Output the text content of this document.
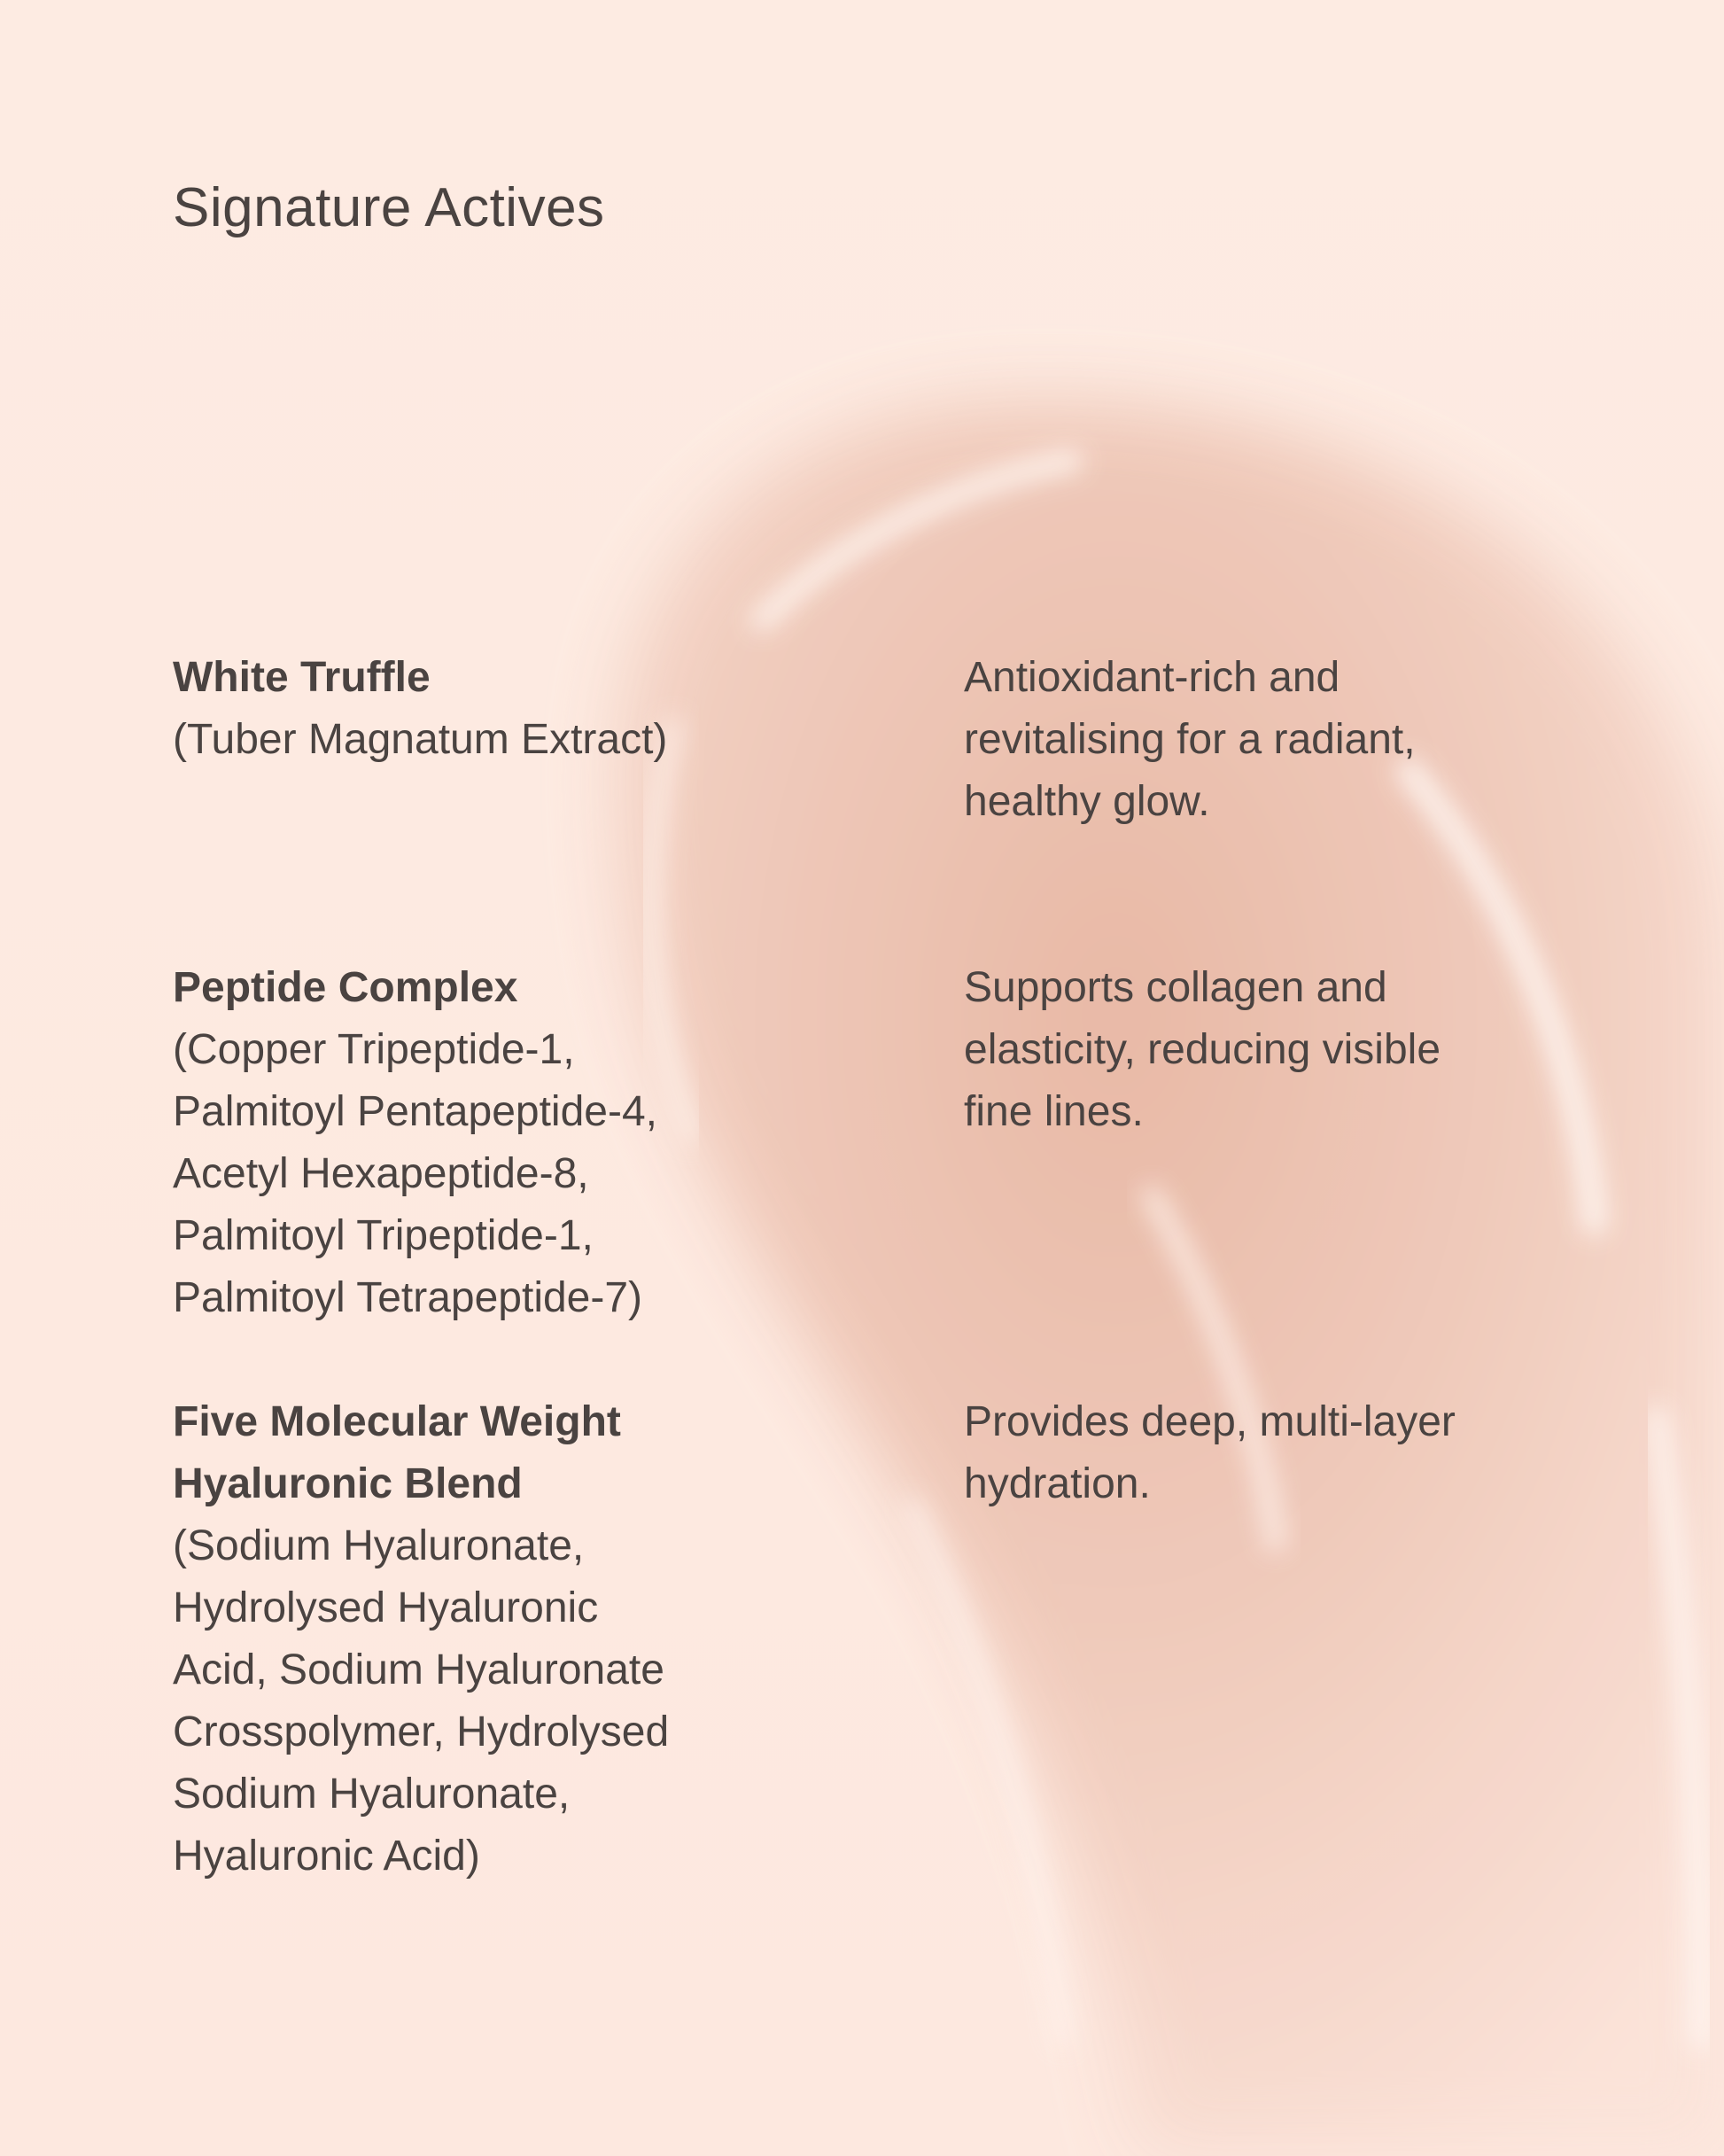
Signature Actives
White Truffle
(Tuber Magnatum Extract)
Antioxidant-rich and
revitalising for a radiant,
healthy glow.
Peptide Complex
(Copper Tripeptide-1,
Palmitoyl Pentapeptide-4,
Acetyl Hexapeptide-8,
Palmitoyl Tripeptide-1,
Palmitoyl Tetrapeptide-7)
Supports collagen and
elasticity, reducing visible
fine lines.
Five Molecular Weight
Hyaluronic Blend
(Sodium Hyaluronate,
Hydrolysed Hyaluronic
Acid, Sodium Hyaluronate
Crosspolymer, Hydrolysed
Sodium Hyaluronate,
Hyaluronic Acid)
Provides deep, multi-layer
hydration.
